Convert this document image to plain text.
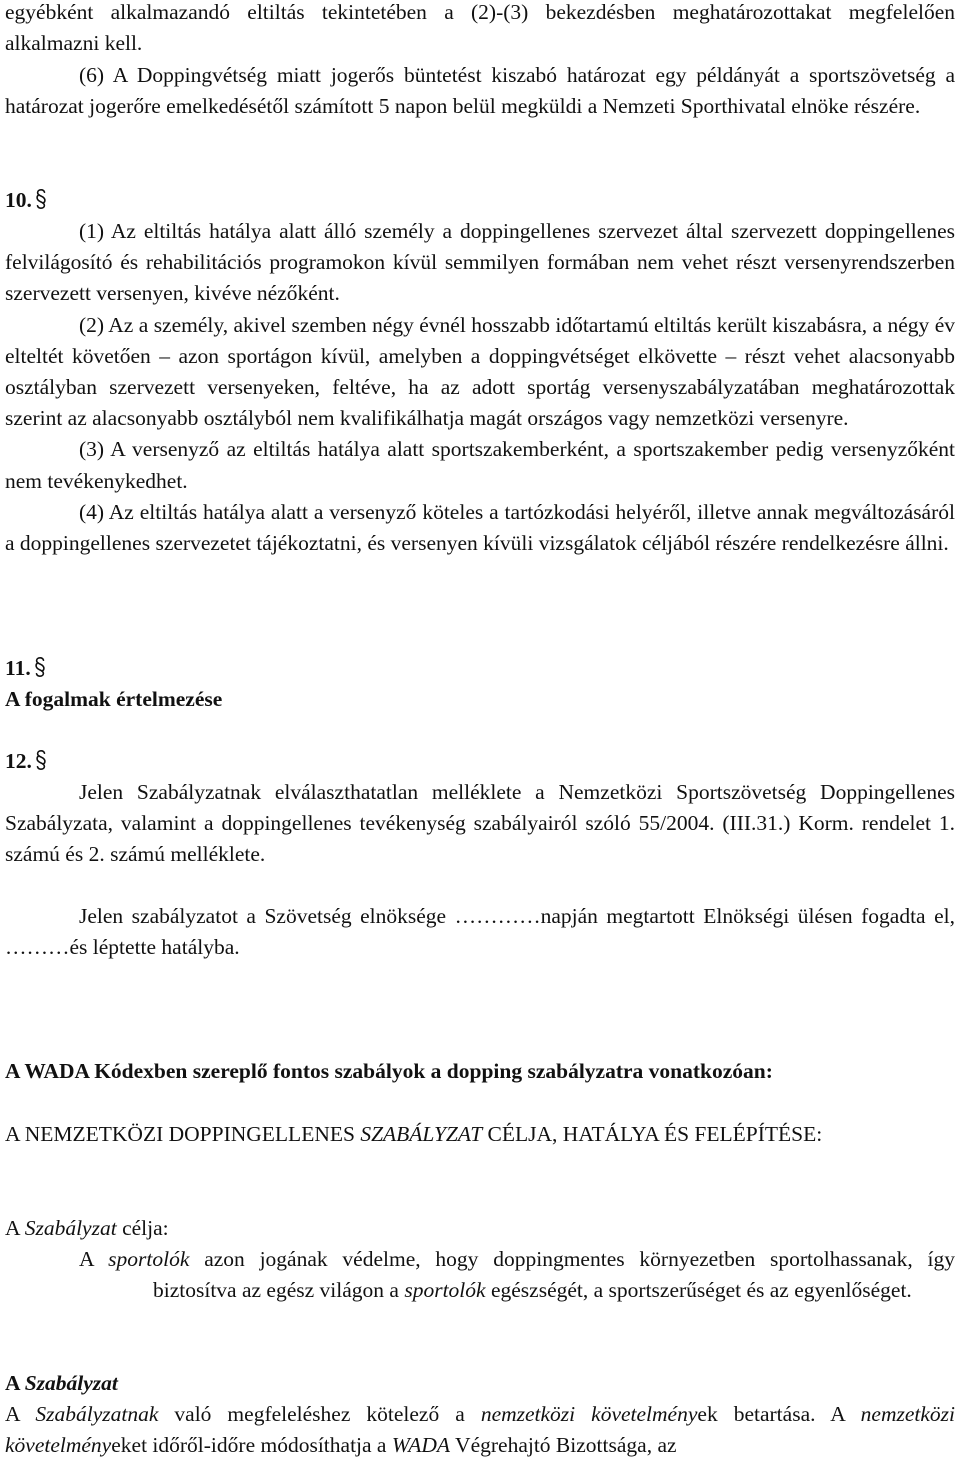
egyébként alkalmazandó eltiltás tekintetében a (2)-(3) bekezdésben meghatározottakat megfelelően alkalmazni kell.

(6) A Doppingvétség miatt jogerős büntetést kiszabó határozat egy példányát a sportszövetség a határozat jogerőre emelkedésétől számított 5 napon belül megküldi a Nemzeti Sporthivatal elnöke részére.

10.

(1) Az eltiltás hatálya alatt álló személy a doppingellenes szervezet által szervezett doppingellenes felvilágosító és rehabilitációs programokon kívül semmilyen formában nem vehet részt versenyrendszerben szervezett versenyen, kivéve nézőként.

(2) Az a személy, akivel szemben négy évnél hosszabb időtartamú eltiltás került kiszabásra, a négy év elteltét követően – azon sportágon kívül, amelyben a doppingvétséget elkövette – részt vehet alacsonyabb osztályban szervezett versenyeken, feltéve, ha az adott sportág versenyszabályzatában meghatározottak szerint az alacsonyabb osztályból nem kvalifikálhatja magát országos vagy nemzetközi versenyre.

(3) A versenyző az eltiltás hatálya alatt sportszakemberként, a sportszakember pedig versenyzőként nem tevékenykedhet.

(4) Az eltiltás hatálya alatt a versenyző köteles a tartózkodási helyéről, illetve annak megváltozásáról a doppingellenes szervezetet tájékoztatni, és versenyen kívüli vizsgálatok céljából részére rendelkezésre állni.

11.

A fogalmak értelmezése

12.

Jelen Szabályzatnak elválaszthatatlan melléklete a Nemzetközi Sportszövetség Doppingellenes Szabályzata, valamint a doppingellenes tevékenység szabályairól szóló 55/2004. (III.31.) Korm. rendelet 1. számú és 2. számú melléklete.

Jelen szabályzatot a Szövetség elnöksége …………napján megtartott Elnökségi ülésen fogadta el, ………és léptette hatályba.

A WADA Kódexben szereplő fontos szabályok a dopping szabályzatra vonatkozóan:

A NEMZETKÖZI DOPPINGELLENES SZABÁLYZAT CÉLJA, HATÁLYA ÉS FELÉPÍTÉSE:

A Szabályzat célja:

A sportolók azon jogának védelme, hogy doppingmentes környezetben sportolhassanak, így biztosítva az egész világon a sportolók egészségét, a sportszerűséget és az egyenlőséget.

A Szabályzat

A Szabályzatnak való megfeleléshez kötelező a nemzetközi követelmények betartása. A nemzetközi követelményeket időről-időre módosíthatja a WADA Végrehajtó Bizottsága, az
